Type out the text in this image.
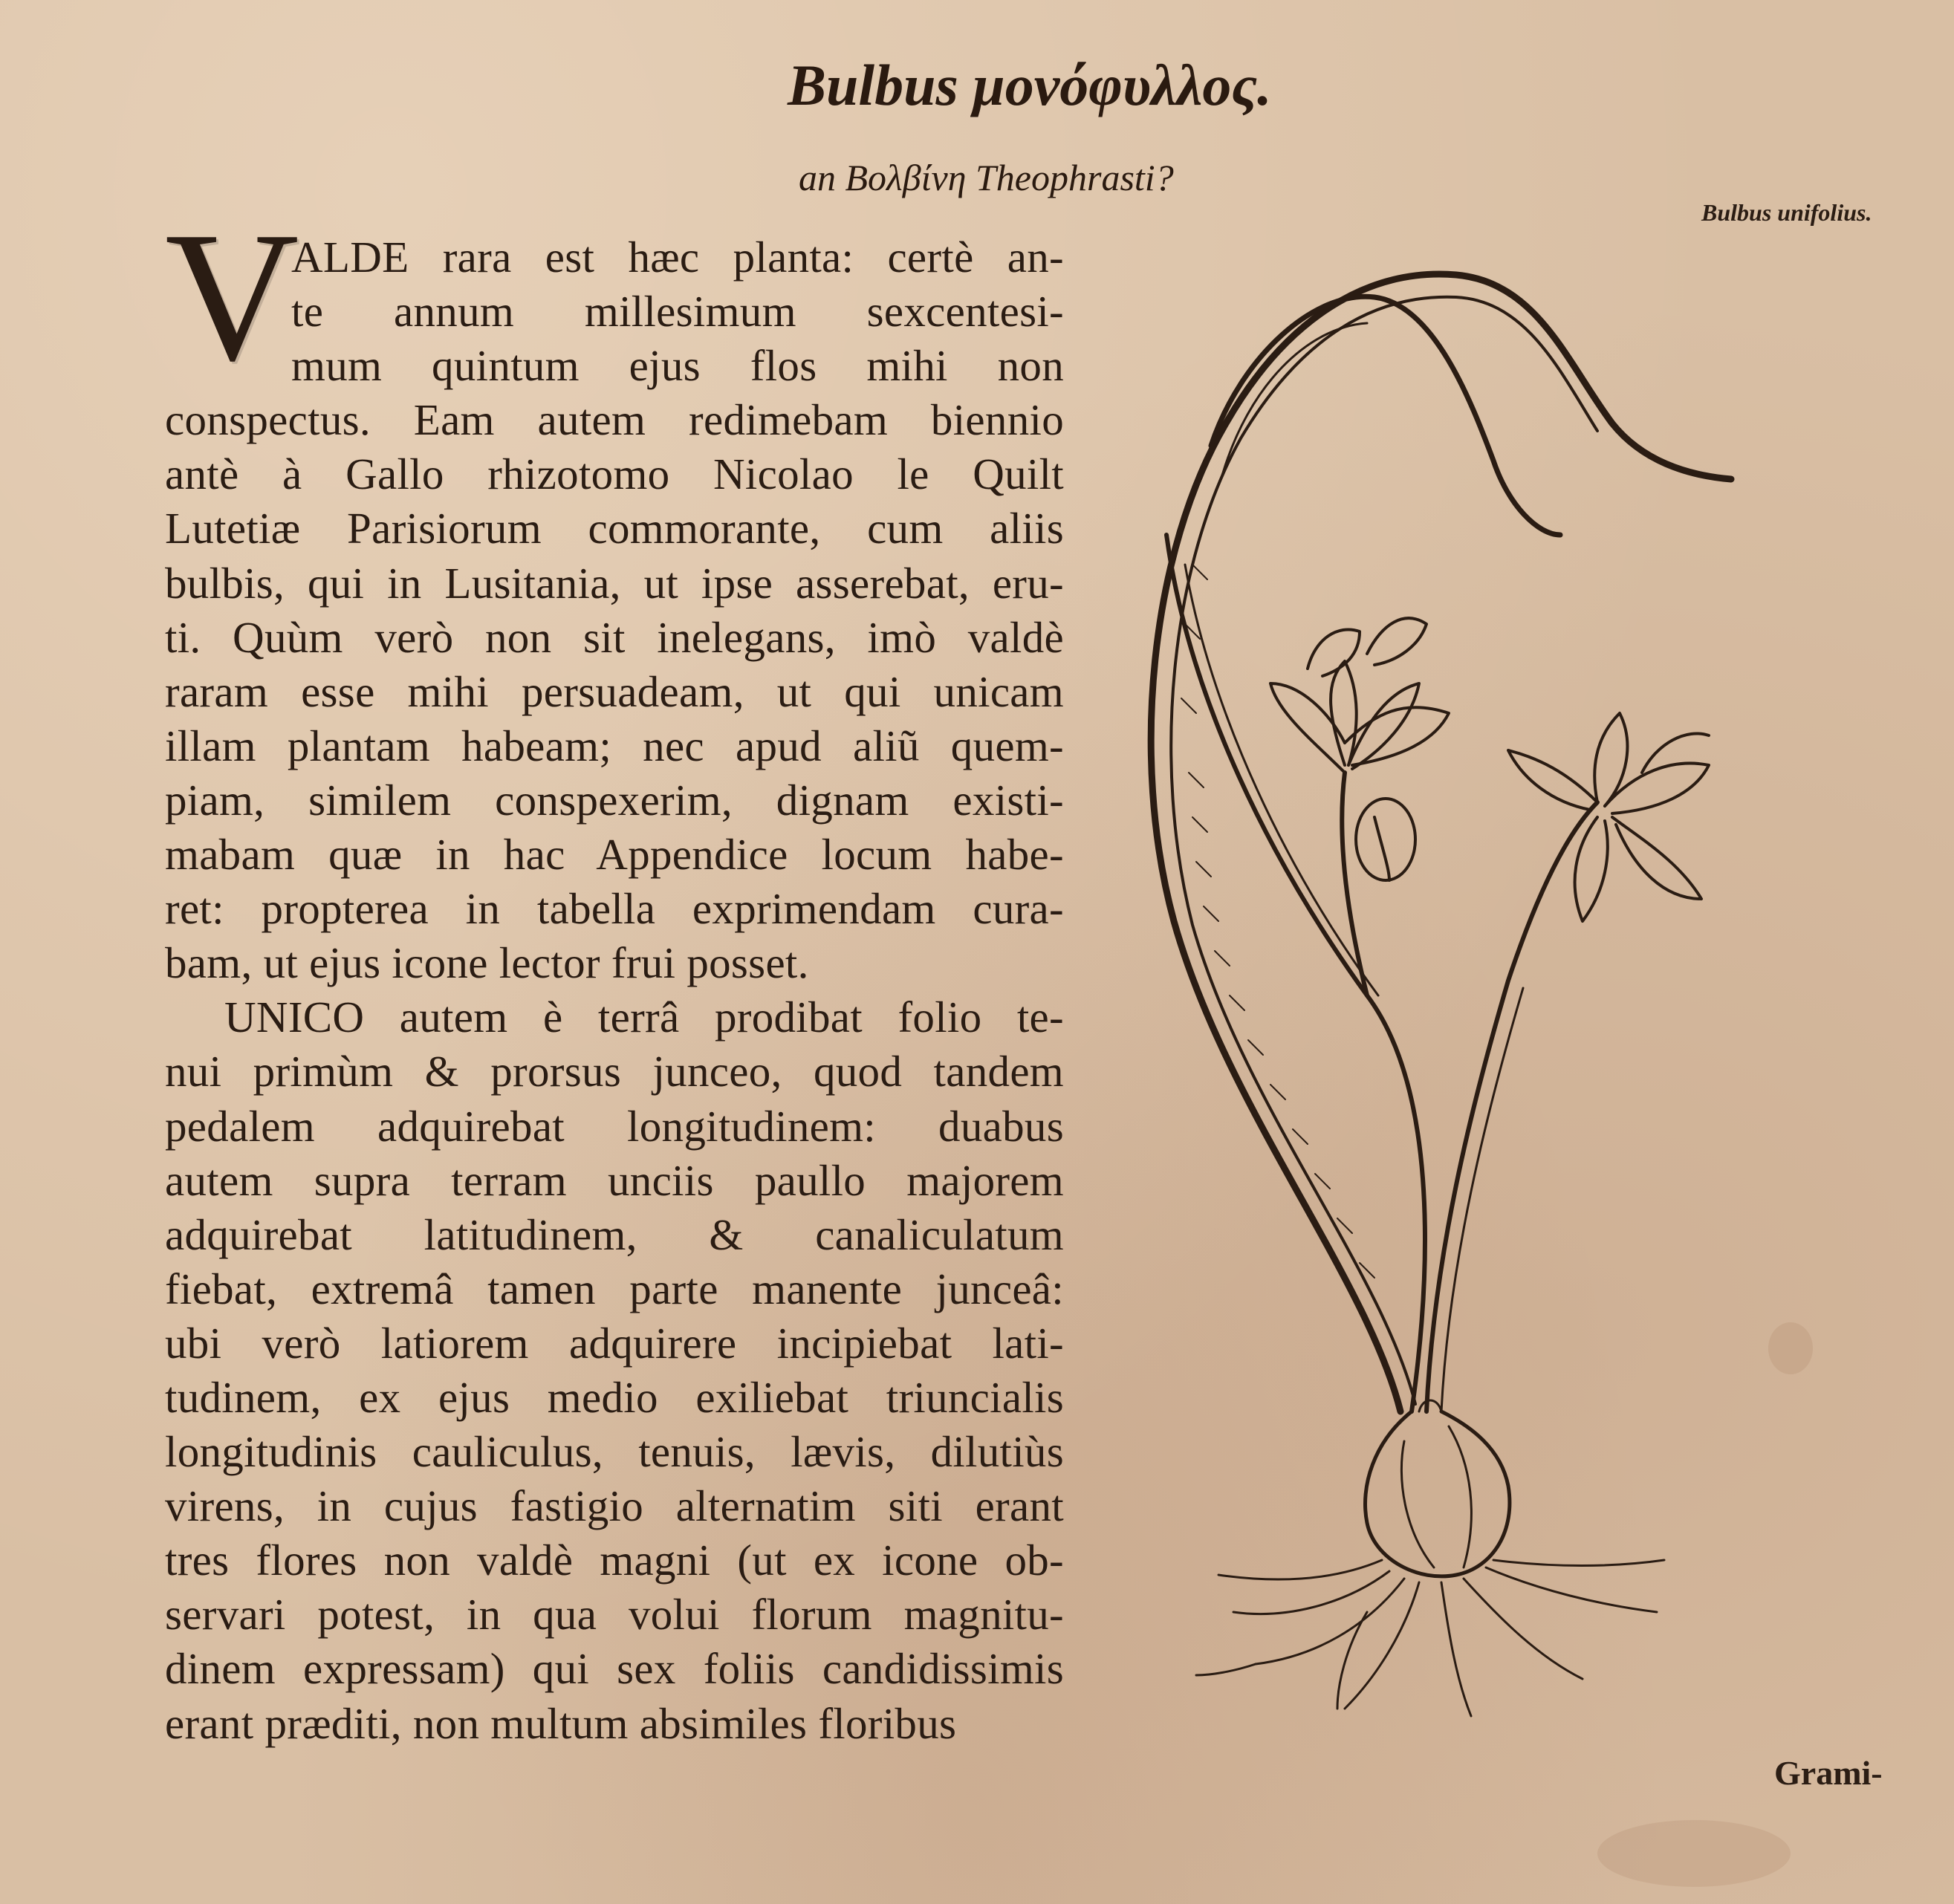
Bulbus μονόφυλλος.
an Βολβίνη Theophrasti?
Bulbus unifolius.
V
ALDE rara est hæc planta: certè an-
te annum millesimum sexcentesi-
mum quintum ejus flos mihi non
conspectus. Eam autem redimebam biennio
antè à Gallo rhizotomo Nicolao le Quilt
Lutetiæ Parisiorum commorante, cum aliis
bulbis, qui in Lusitania, ut ipse asserebat, eru-
ti. Quùm verò non sit inelegans, imò valdè
raram esse mihi persuadeam, ut qui unicam
illam plantam habeam; nec apud aliũ quem-
piam, similem conspexerim, dignam existi-
mabam quæ in hac Appendice locum habe-
ret: propterea in tabella exprimendam cura-
bam, ut ejus icone lector frui posset.
UNICO autem è terrâ prodibat folio te-
nui primùm & prorsus junceo, quod tandem
pedalem adquirebat longitudinem: duabus
autem supra terram unciis paullo majorem
adquirebat latitudinem, & canaliculatum
fiebat, extremâ tamen parte manente junceâ:
ubi verò latiorem adquirere incipiebat lati-
tudinem, ex ejus medio exiliebat triuncialis
longitudinis cauliculus, tenuis, lævis, dilutiùs
virens, in cujus fastigio alternatim siti erant
tres flores non valdè magni (ut ex icone ob-
servari potest, in qua volui florum magnitu-
dinem expressam) qui sex foliis candidissimis
erant præditi, non multum absimiles floribus
Grami-
